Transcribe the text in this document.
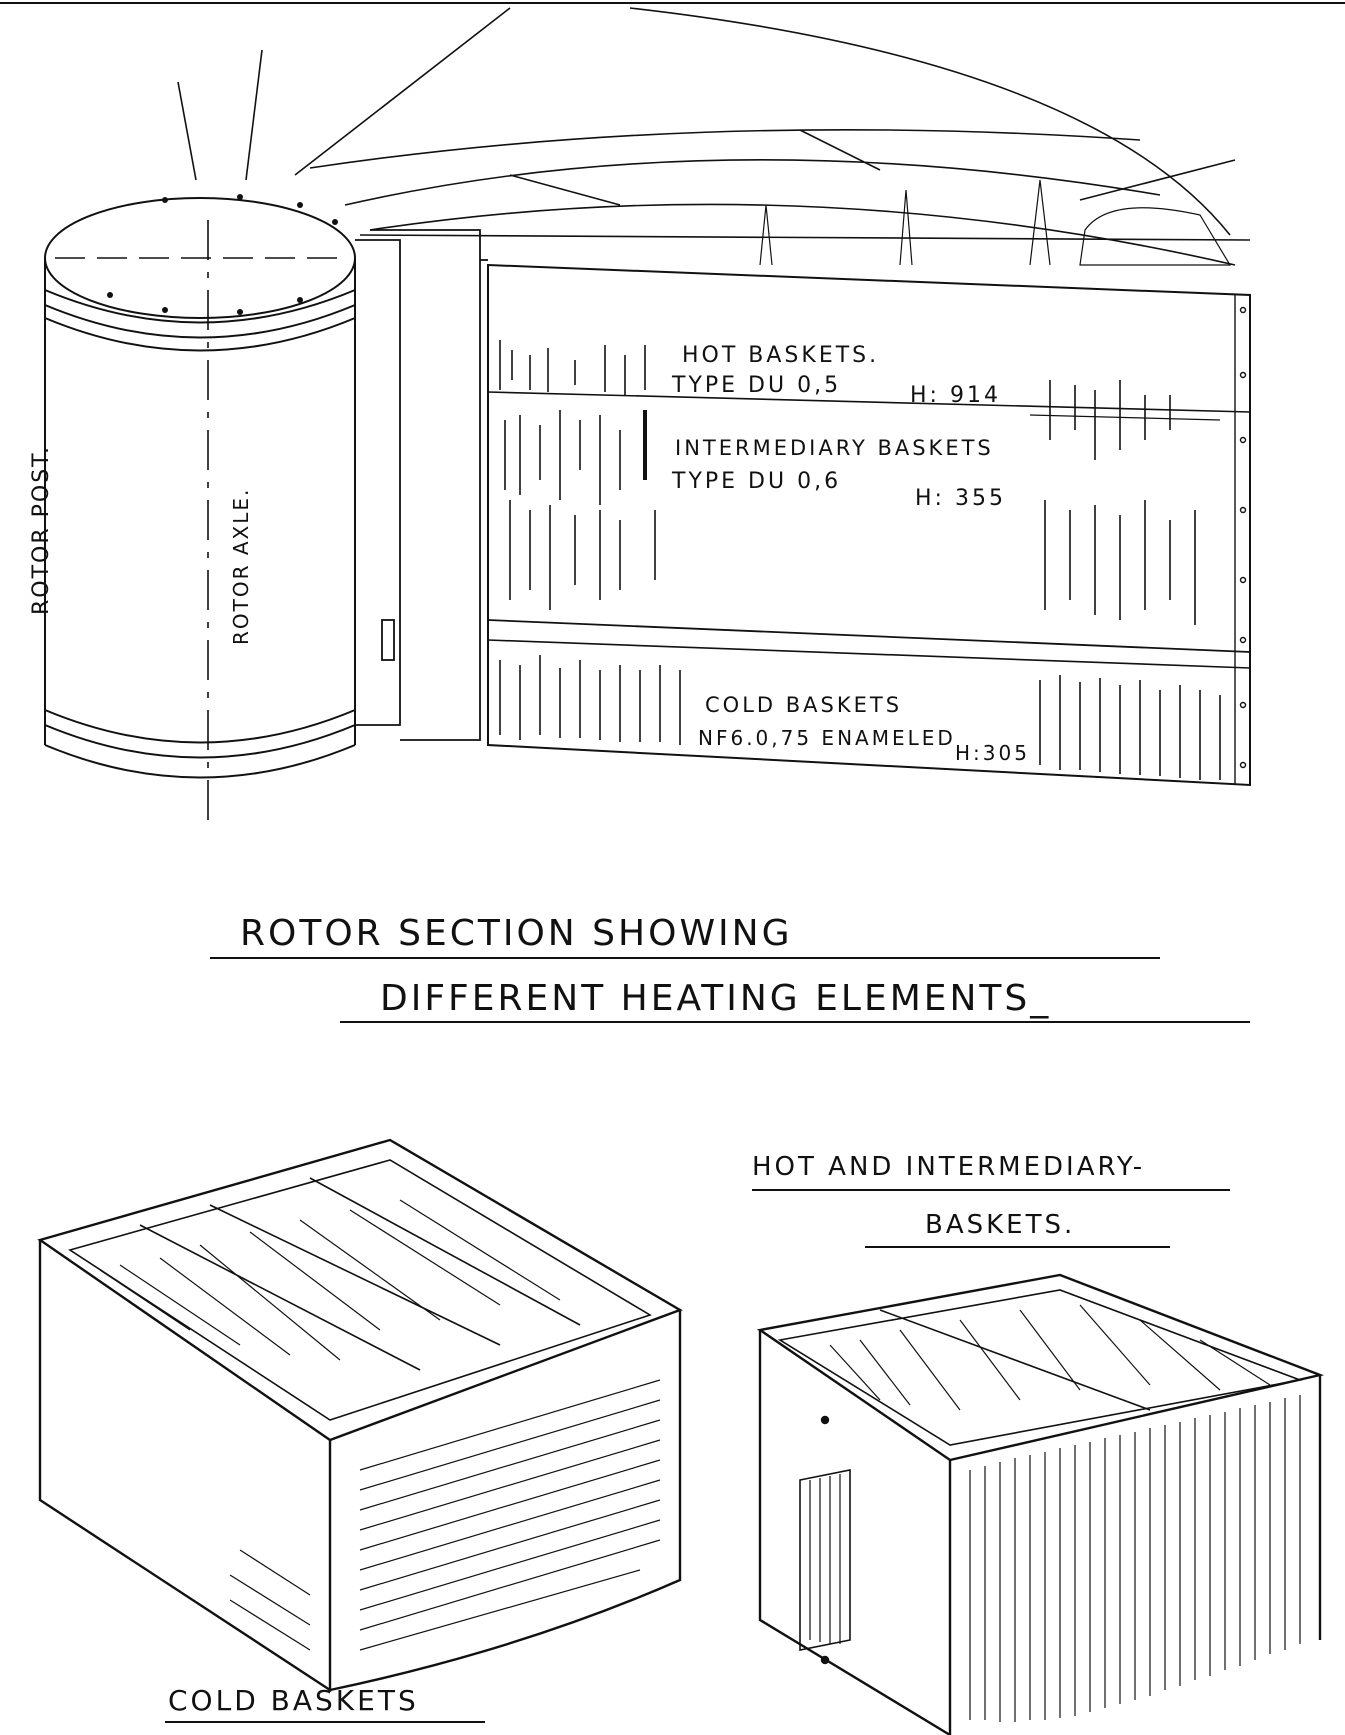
ROTOR POST.	ROTOR AXLE.
HOT BASKETS.
TYPE DU 0,5	H: 914
INTERMEDIARY BASKETS
TYPE DU 0,6
H: 355
COLD BASKETS
NF6.0,75 ENAMELED
H:305
ROTOR SECTION SHOWING
DIFFERENT HEATING ELEMENTS_
COLD BASKETS
HOT AND INTERMEDIARY-
BASKETS.
